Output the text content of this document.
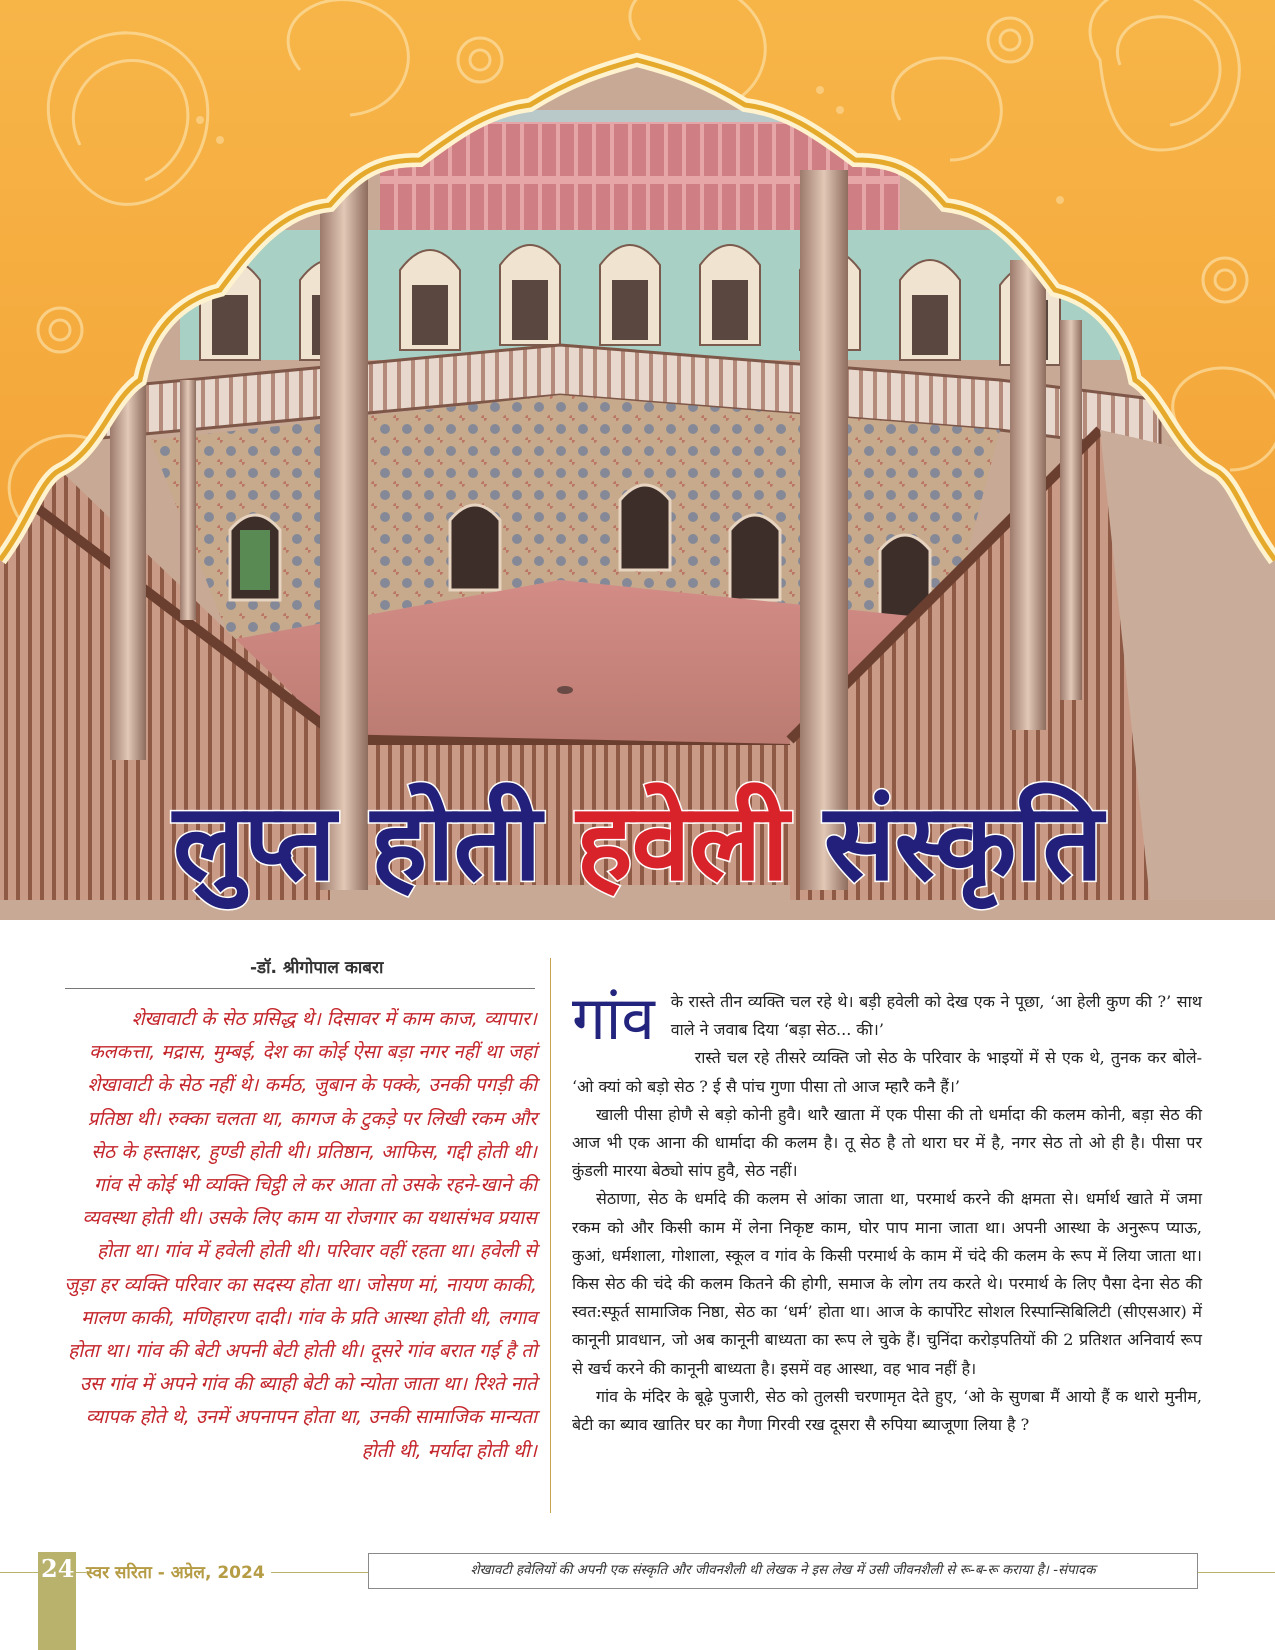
लुप्त होती हवेली संस्कृति
-डॉ. श्रीगोपाल काबरा
शेखावाटी के सेठ प्रसिद्ध थे। दिसावर में काम काज, व्यापार। कलकत्ता, मद्रास, मुम्बई, देश का कोई ऐसा बड़ा नगर नहीं था जहां शेखावाटी के सेठ नहीं थे। कर्मठ, जुबान के पक्के, उनकी पगड़ी की प्रतिष्ठा थी। रुक्का चलता था, कागज के टुकड़े पर लिखी रकम और सेठ के हस्ताक्षर, हुण्डी होती थी। प्रतिष्ठान, आफिस, गद्दी होती थी। गांव से कोई भी व्यक्ति चिट्ठी ले कर आता तो उसके रहने-खाने की व्यवस्था होती थी। उसके लिए काम या रोजगार का यथासंभव प्रयास होता था। गांव में हवेली होती थी। परिवार वहीं रहता था। हवेली से जुड़ा हर व्यक्ति परिवार का सदस्य होता था। जोसण मां, नायण काकी, मालण काकी, मणिहारण दादी। गांव के प्रति आस्था होती थी, लगाव होता था। गांव की बेटी अपनी बेटी होती थी। दूसरे गांव बरात गई है तो उस गांव में अपने गांव की ब्याही बेटी को न्योता जाता था। रिश्ते नाते व्यापक होते थे, उनमें अपनापन होता था, उनकी सामाजिक मान्यता होती थी, मर्यादा होती थी।
गांव	के रास्ते तीन व्यक्ति चल रहे थे। बड़ी हवेली को देख एक ने पूछा, ‘आ हेली कुण की ?’ साथ वाले ने जवाब दिया ‘बड़ा सेठ... की।’

रास्ते चल रहे तीसरे व्यक्ति जो सेठ के परिवार के भाइयों में से एक थे, तुनक कर बोले- ‘ओ क्यां को बड़ो सेठ ? ई सै पांच गुणा पीसा तो आज म्हारै कनै हैं।’

खाली पीसा होणै से बड़ो कोनी हुवै। थारै खाता में एक पीसा की तो धर्मादा की कलम कोनी, बड़ा सेठ की आज भी एक आना की धार्मादा की कलम है। तू सेठ है तो थारा घर में है, नगर सेठ तो ओ ही है। पीसा पर कुंडली मारया बेठ्यो सांप हुवै, सेठ नहीं।

सेठाणा, सेठ के धर्मादे की कलम से आंका जाता था, परमार्थ करने की क्षमता से। धर्मार्थ खाते में जमा रकम को और किसी काम में लेना निकृष्ट काम, घोर पाप माना जाता था। अपनी आस्था के अनुरूप प्याऊ, कुआं, धर्मशाला, गोशाला, स्कूल व गांव के किसी परमार्थ के काम में चंदे की कलम के रूप में लिया जाता था। किस सेठ की चंदे की कलम कितने की होगी, समाज के लोग तय करते थे। परमार्थ के लिए पैसा देना सेठ की स्वत:स्फूर्त सामाजिक निष्ठा, सेठ का ‘धर्म’ होता था। आज के कार्पोरेट सोशल रिस्पान्सिबिलिटी (सीएसआर) में कानूनी प्रावधान, जो अब कानूनी बाध्यता का रूप ले चुके हैं। चुनिंदा करोड़पतियों की 2 प्रतिशत अनिवार्य रूप से खर्च करने की कानूनी बाध्यता है। इसमें वह आस्था, वह भाव नहीं है।

गांव के मंदिर के बूढ़े पुजारी, सेठ को तुलसी चरणामृत देते हुए, ‘ओ के सुणबा मैं आयो हैं क थारो मुनीम, बेटी का ब्याव खातिर घर का गैणा गिरवी रख दूसरा सै रुपिया ब्याजूणा लिया है ?

24 स्वर सरिता - अप्रेल, 2024	शेखावटी हवेलियों की अपनी एक संस्कृति और जीवनशैली थी लेखक ने इस लेख में उसी जीवनशैली से रू-ब-रू कराया है। -संपादक
